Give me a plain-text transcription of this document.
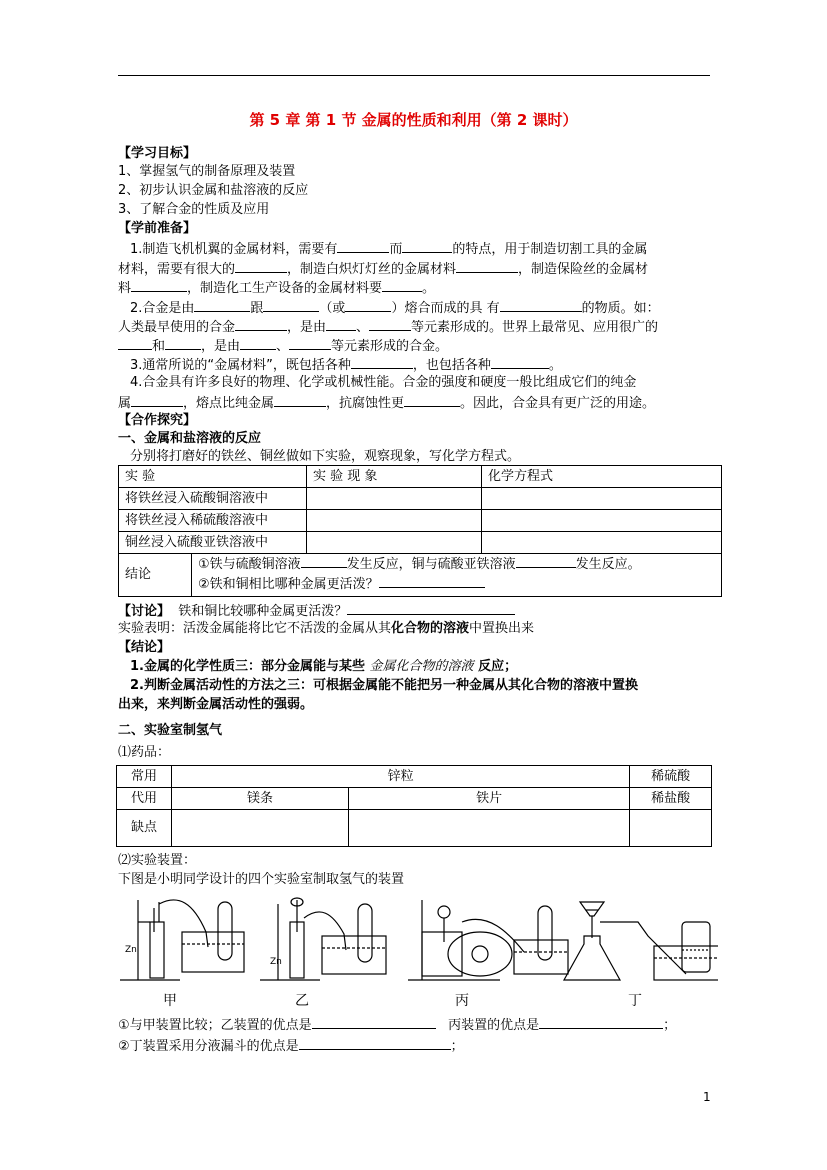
第 5 章 第 1 节 金属的性质和利用（第 2 课时）
【学习目标】
1、掌握氢气的制备原理及装置
2、初步认识金属和盐溶液的反应
3、了解合金的性质及应用
【学前准备】
1.制造飞机机翼的金属材料，需要有	而	的特点，用于制造切割工具的金属
材料，需要有很大的	，制造白炽灯灯丝的金属材料	，制造保险丝的金属材
料	，制造化工生产设备的金属材料要	。
2.合金是由	跟	（或	）熔合而成的具 有	的物质。如：
人类最早使用的合金	，是由 、	等元素形成的。世界上最常见、应用很广的
和	，是由	、	等元素形成的合金。
3.通常所说的“金属材料”，既包括各种	，也包括各种	。
4.合金具有许多良好的物理、化学或机械性能。合金的强度和硬度一般比组成它们的纯金
属	，熔点比纯金属	，抗腐蚀性更	。因此，合金具有更广泛的用途。
【合作探究】
一、金属和盐溶液的反应
分别将打磨好的铁丝、铜丝做如下实验，观察现象，写化学方程式。
实 验	实 验 现 象	化学方程式
将铁丝浸入硫酸铜溶液中		
将铁丝浸入稀硫酸溶液中		
铜丝浸入硫酸亚铁溶液中		
结论	
①铁与硫酸铜溶液	发生反应，铜与硫酸亚铁溶液	发生反应。
②铁和铜相比哪种金属更活泼？
【讨论】 铁和铜比较哪种金属更活泼？
实验表明：活泼金属能将比它不活泼的金属从其化合物的溶液中置换出来
【结论】
1.金属的化学性质三：部分金属能与某些 金属化合物的溶液 反应；
2.判断金属活动性的方法之三：可根据金属能不能把另一种金属从其化合物的溶液中置换
出来，来判断金属活动性的强弱。
二、实验室制氢气
⑴药品：
常用	锌粒		稀硫酸
代用	镁条	铁片	稀盐酸
缺点			
⑵实验装置：
下图是小明同学设计的四个实验室制取氢气的装置
Zn
Zn
甲	乙	丙	丁
①与甲装置比较；乙装置的优点是	丙装置的优点是	；
②丁装置采用分液漏斗的优点是	；
1
